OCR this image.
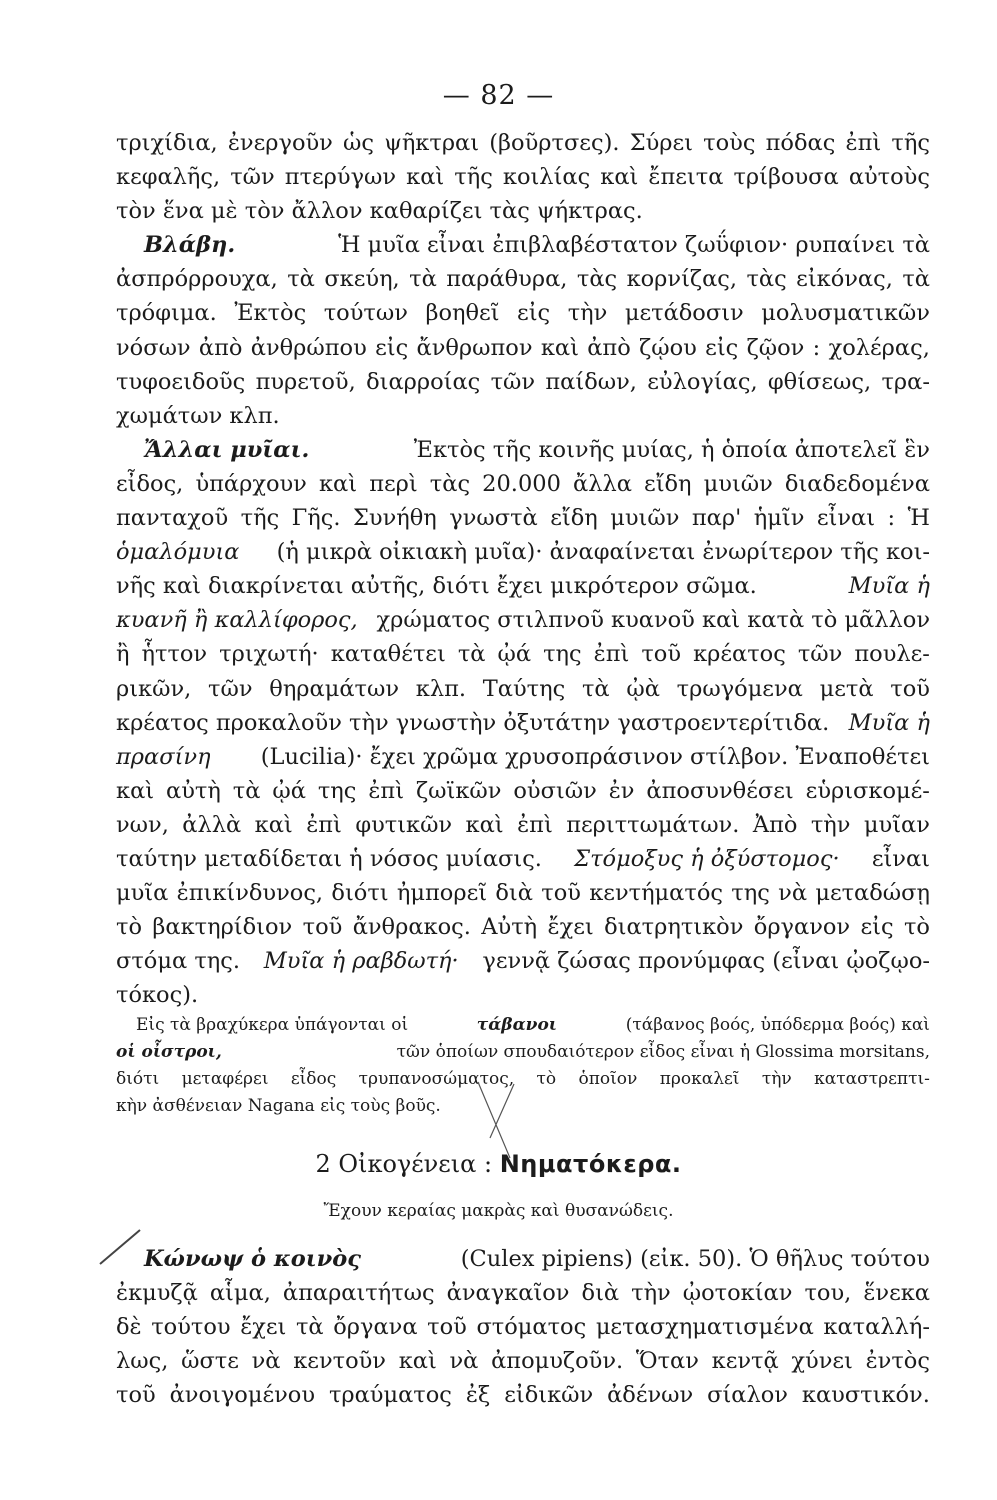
— 82 —
τριχίδια, ἐνεργοῦν ὡς ψῆκτραι (βοῦρτσες). Σύρει τοὺς πόδας ἐπὶ τῆς
κεφαλῆς, τῶν πτερύγων καὶ τῆς κοιλίας καὶ ἔπειτα τρίβουσα αὐτοὺς
τὸν ἕνα μὲ τὸν ἄλλον καθαρίζει τὰς ψήκτρας.
Βλάβη.	Ἡ μυῖα εἶναι ἐπιβλαβέστατον ζωΰφιον· ρυπαίνει τὰ
ἀσπρόρρουχα, τὰ σκεύη, τὰ παράθυρα, τὰς κορνίζας, τὰς εἰκόνας, τὰ
τρόφιμα. Ἐκτὸς τούτων βοηθεῖ εἰς τὴν μετάδοσιν μολυσματικῶν
νόσων ἀπὸ ἀνθρώπου εἰς ἄνθρωπον καὶ ἀπὸ ζῴου εἰς ζῷον : χολέρας,
τυφοειδοῦς πυρετοῦ, διαρροίας τῶν παίδων, εὐλογίας, φθίσεως, τρα-
χωμάτων κλπ.
Ἄλλαι μυῖαι.	Ἐκτὸς τῆς κοινῆς μυίας, ἡ ὁποία ἀποτελεῖ ἓν
εἶδος, ὑπάρχουν καὶ περὶ τὰς 20.000 ἄλλα εἴδη μυιῶν διαδεδομένα
πανταχοῦ τῆς Γῆς. Συνήθη γνωστὰ εἴδη μυιῶν παρ' ἡμῖν εἶναι : Ἡ
ὁμαλόμυια (ἡ μικρὰ οἰκιακὴ μυῖα)· ἀναφαίνεται ἐνωρίτερον τῆς κοι-
νῆς καὶ διακρίνεται αὐτῆς, διότι ἔχει μικρότερον σῶμα.	Μυῖα ἡ
κυανῆ ἢ καλλίφορος, χρώματος στιλπνοῦ κυανοῦ καὶ κατὰ τὸ μᾶλλον
ἢ ἧττον τριχωτή· καταθέτει τὰ ᾠά της ἐπὶ τοῦ κρέατος τῶν πουλε-
ρικῶν, τῶν θηραμάτων κλπ. Ταύτης τὰ ᾠὰ τρωγόμενα μετὰ τοῦ
κρέατος προκαλοῦν τὴν γνωστὴν ὀξυτάτην γαστροεντερίτιδα. Μυῖα ἡ
πρασίνη (Lucilia)· ἔχει χρῶμα χρυσοπράσινον στίλβον. Ἐναποθέτει
καὶ αὐτὴ τὰ ᾠά της ἐπὶ ζωϊκῶν οὐσιῶν ἐν ἀποσυνθέσει εὑρισκομέ-
νων, ἀλλὰ καὶ ἐπὶ φυτικῶν καὶ ἐπὶ περιττωμάτων. Ἀπὸ τὴν μυῖαν
ταύτην μεταδίδεται ἡ νόσος μυίασις. Στόμοξυς ἡ ὀξύστομος· εἶναι
μυῖα ἐπικίνδυνος, διότι ἠμπορεῖ διὰ τοῦ κεντήματός της νὰ μεταδώσῃ
τὸ βακτηρίδιον τοῦ ἄνθρακος. Αὐτὴ ἔχει διατρητικὸν ὄργανον εἰς τὸ
στόμα της. Μυῖα ἡ ραβδωτή· γεννᾷ ζώσας προνύμφας (εἶναι ᾠοζῳο-
τόκος).
Εἰς τὰ βραχύκερα ὑπάγονται οἱ	τάβανοι	(τάβανος βοός, ὑπόδερμα βοός) καὶ
οἱ οἶστροι,	τῶν ὁποίων σπουδαιότερον εἶδος εἶναι ἡ Glossima morsitans,
διότι μεταφέρει εἶδος τρυπανοσώματος, τὸ ὁποῖον προκαλεῖ τὴν καταστρεπτι-
κὴν ἀσθένειαν Nagana εἰς τοὺς βοῦς.
2 Οἰκογένεια : Νηματόκερα.
Ἔχουν κεραίας μακρὰς καὶ θυσανώδεις.
Κώνωψ ὁ κοινὸς	(Culex pipiens) (εἰκ. 50). Ὁ θῆλυς τούτου
ἐκμυζᾷ αἷμα, ἀπαραιτήτως ἀναγκαῖον διὰ τὴν ᾠοτοκίαν του, ἕνεκα
δὲ τούτου ἔχει τὰ ὄργανα τοῦ στόματος μετασχηματισμένα καταλλή-
λως, ὥστε νὰ κεντοῦν καὶ νὰ ἀπομυζοῦν. Ὅταν κεντᾷ χύνει ἐντὸς
τοῦ ἀνοιγομένου τραύματος ἐξ εἰδικῶν ἀδένων σίαλον καυστικόν.
